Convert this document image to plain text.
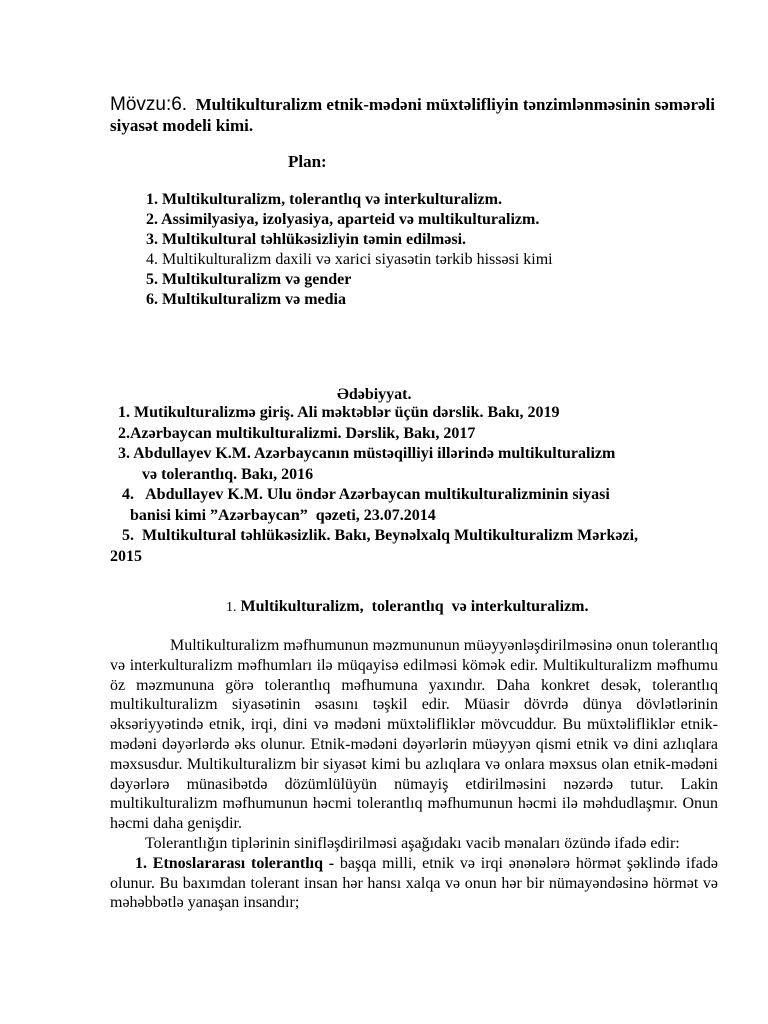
Mövzu:6. Multikulturalizm etnik-mədəni müxtəlifliyin tənzimlənməsinin səmərəli siyasət modeli kimi.
Plan:
1. Multikulturalizm, tolerantlıq və interkulturalizm.
2. Assimilyasiya, izolyasiya, aparteid və multikulturalizm.
3. Multikultural təhlükəsizliyin təmin edilməsi.
4. Multikulturalizm daxili və xarici siyasətin tərkib hissəsi kimi
5. Multikulturalizm və gender
6. Multikulturalizm və media
Ədəbiyyat.
1. Mutikulturalizmə giriş. Ali məktəblər üçün dərslik. Bakı, 2019
2.Azərbaycan multikulturalizmi. Dərslik, Bakı, 2017
3. Abdullayev K.M. Azərbaycanın müstəqilliyi illərində multikulturalizm
və tolerantlıq. Bakı, 2016
4.   Abdullayev K.M. Ulu öndər Azərbaycan multikulturalizminin siyasi
banisi kimi ”Azərbaycan”  qəzeti, 23.07.2014
5.  Multikultural təhlükəsizlik. Bakı, Beynəlxalq Multikulturalizm Mərkəzi,
2015
1. Multikulturalizm,  tolerantlıq  və interkulturalizm.

Multikulturalizm məfhumunun məzmununun müəyyənləşdirilməsinə onun tolerantlıq və interkulturalizm məfhumları ilə müqayisə edilməsi kömək edir. Multikulturalizm məfhumu öz məzmununa görə tolerantlıq məfhumuna yaxındır. Daha konkret desək, tolerantlıq multikulturalizm siyasətinin əsasını təşkil edir. Müasir dövrdə dünya dövlətlərinin əksəriyyətində etnik, irqi, dini və mədəni müxtəlifliklər mövcuddur. Bu müxtəlifliklər etnik-mədəni dəyərlərdə əks olunur. Etnik-mədəni dəyərlərin müəyyən qismi etnik və dini azlıqlara məxsusdur. Multikulturalizm bir siyasət kimi bu azlıqlara və onlara məxsus olan etnik-mədəni dəyərlərə münasibətdə dözümlülüyün nümayiş etdirilməsini nəzərdə tutur. Lakin multikulturalizm məfhumunun həcmi tolerantlıq məfhumunun həcmi ilə məhdudlaşmır. Onun həcmi daha genişdir.

Tolerantlığın tiplərinin sinifləşdirilməsi aşağıdakı vacib mənaları özündə ifadə edir:

1. Etnoslararası tolerantlıq - başqa milli, etnik və irqi ənənələrə hörmət şəklində ifadə olunur. Bu baxımdan tolerant insan hər hansı xalqa və onun hər bir nümayəndəsinə hörmət və məhəbbətlə yanaşan insandır;
